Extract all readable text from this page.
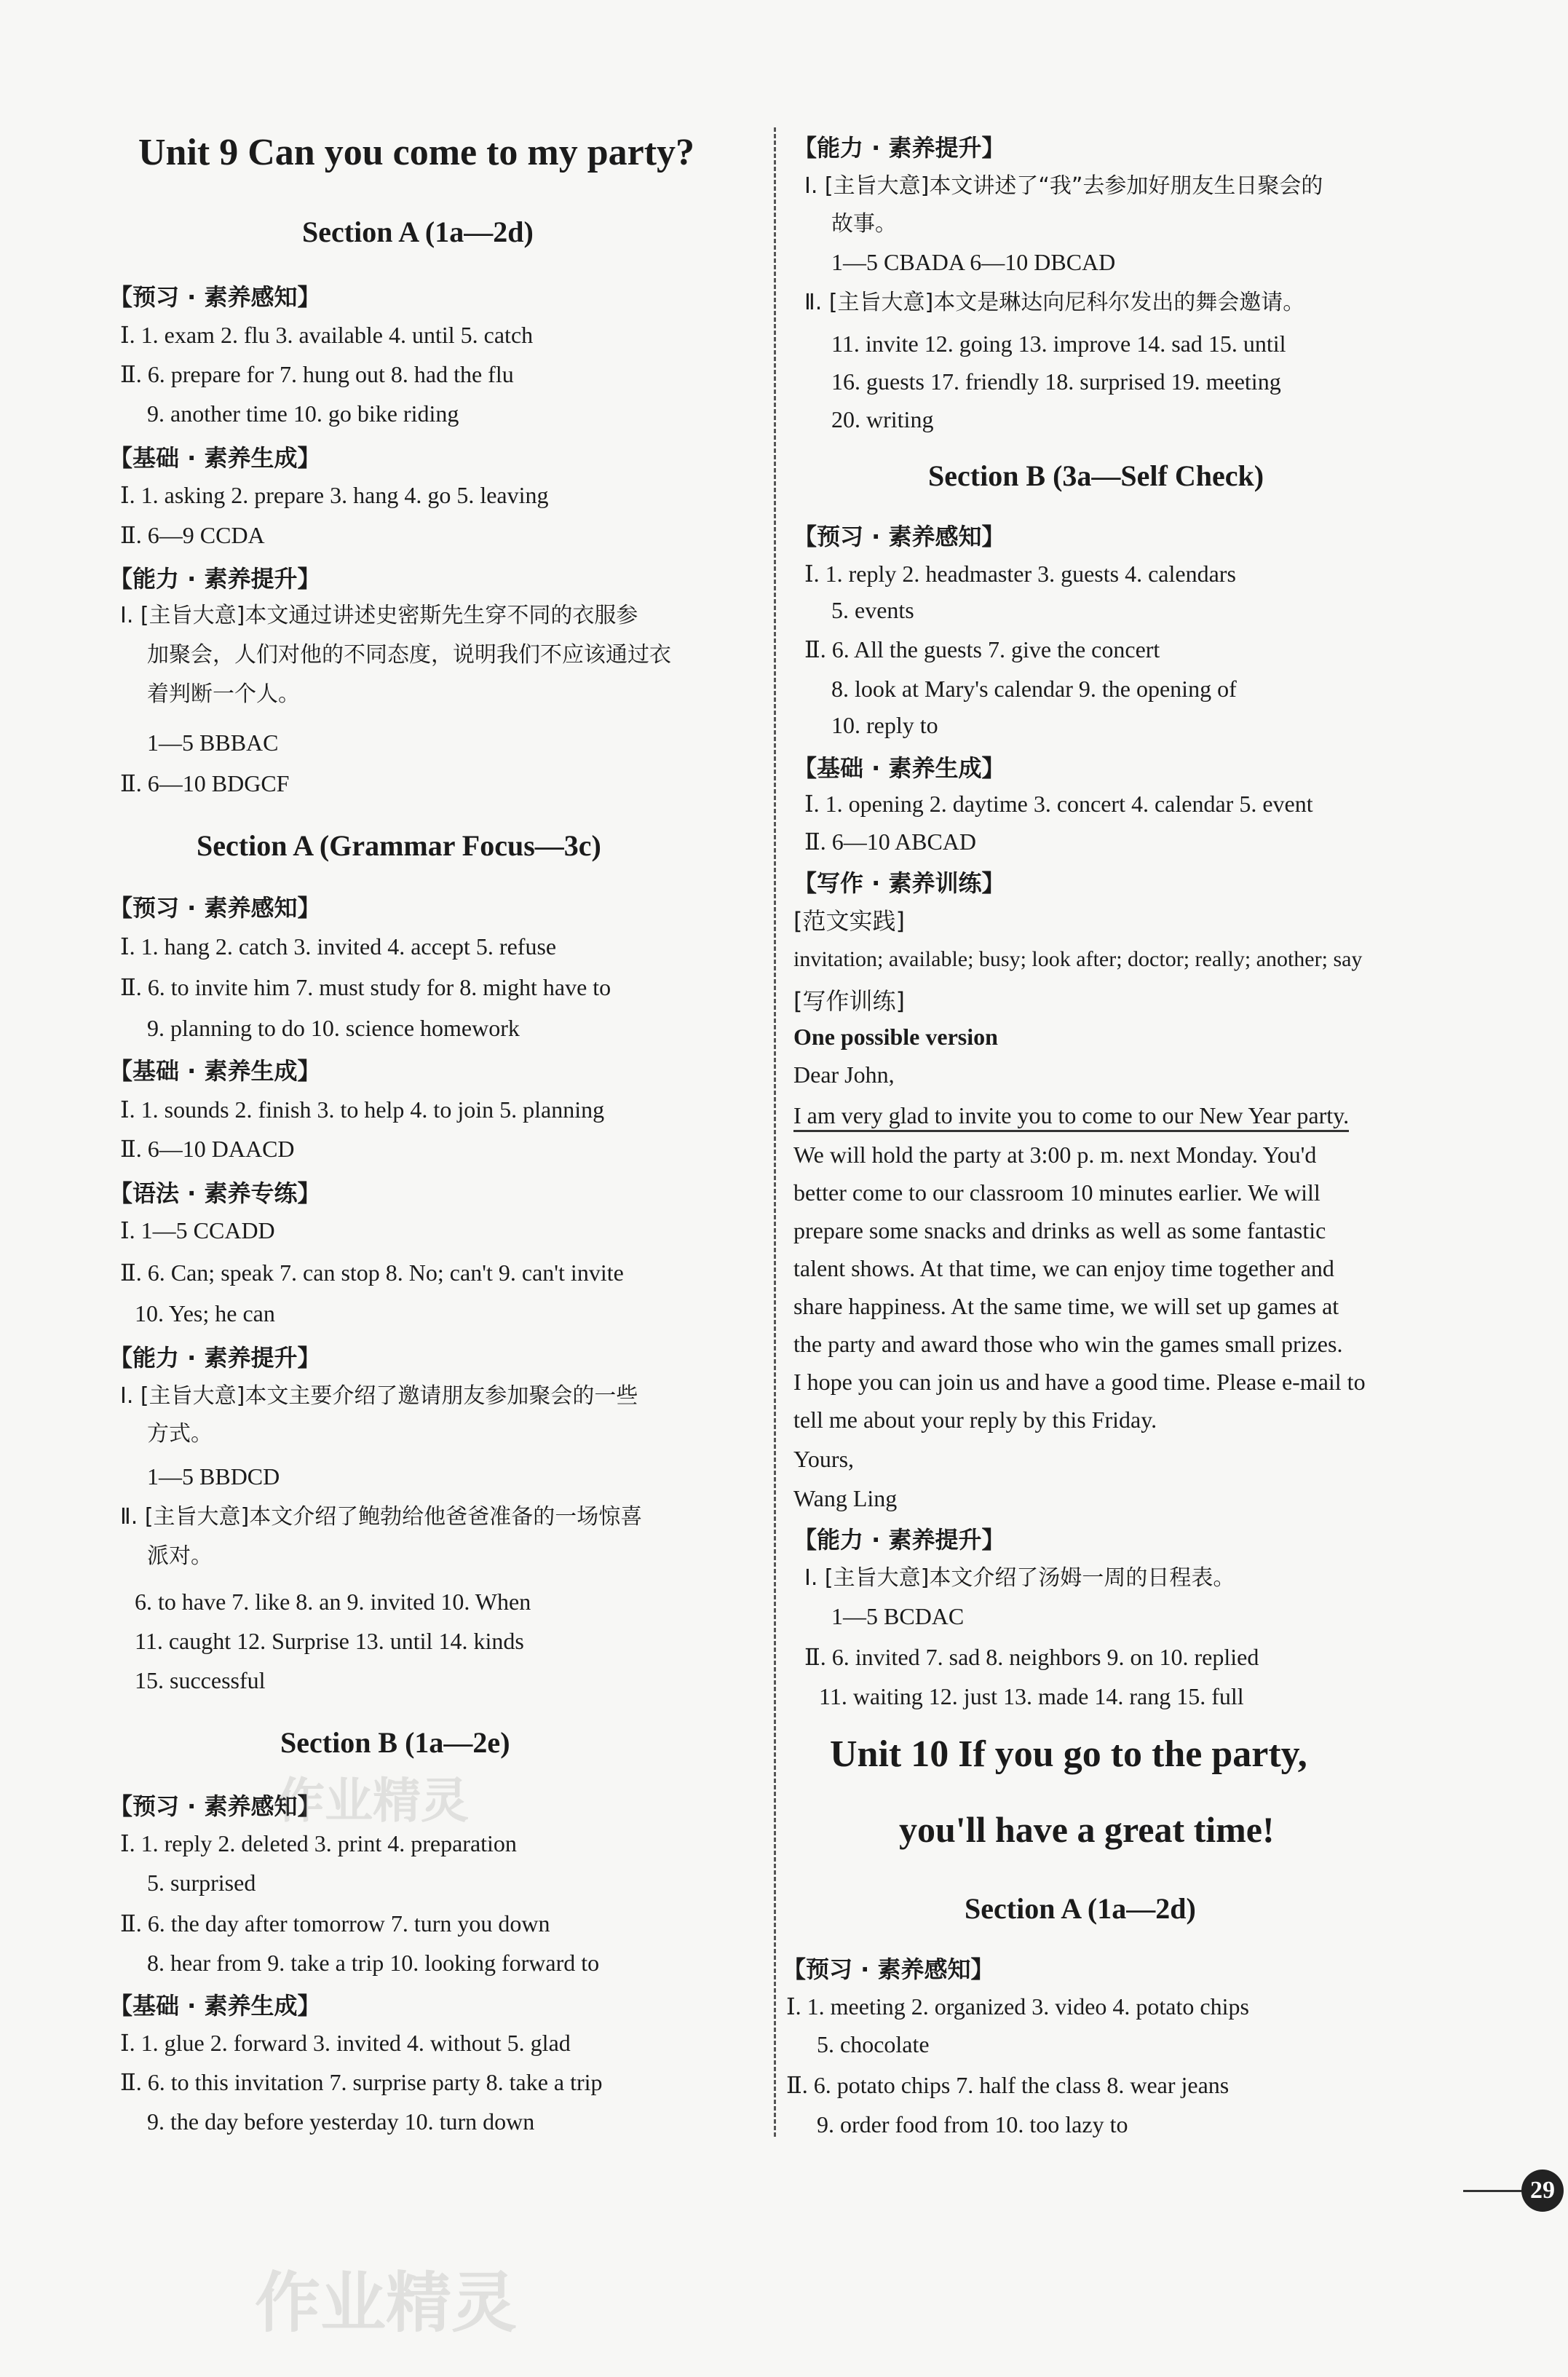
Unit 9 Can you come to my party?
Section A (1a—2d)
【预习 · 素养感知】
Ⅰ. 1. exam 2. flu 3. available 4. until 5. catch
Ⅱ. 6. prepare for 7. hung out 8. had the flu
9. another time 10. go bike riding
【基础 · 素养生成】
Ⅰ. 1. asking 2. prepare 3. hang 4. go 5. leaving
Ⅱ. 6—9 CCDA
【能力 · 素养提升】
Ⅰ. [主旨大意]本文通过讲述史密斯先生穿不同的衣服参
加聚会，人们对他的不同态度，说明我们不应该通过衣
着判断一个人。
1—5 BBBAC
Ⅱ. 6—10 BDGCF
Section A (Grammar Focus—3c)
【预习 · 素养感知】
Ⅰ. 1. hang 2. catch 3. invited 4. accept 5. refuse
Ⅱ. 6. to invite him 7. must study for 8. might have to
9. planning to do 10. science homework
【基础 · 素养生成】
Ⅰ. 1. sounds 2. finish 3. to help 4. to join 5. planning
Ⅱ. 6—10 DAACD
【语法 · 素养专练】
Ⅰ. 1—5 CCADD
Ⅱ. 6. Can; speak 7. can stop 8. No; can't 9. can't invite
10. Yes; he can
【能力 · 素养提升】
Ⅰ. [主旨大意]本文主要介绍了邀请朋友参加聚会的一些
方式。
1—5 BBDCD
Ⅱ. [主旨大意]本文介绍了鲍勃给他爸爸准备的一场惊喜
派对。
6. to have 7. like 8. an 9. invited 10. When
11. caught 12. Surprise 13. until 14. kinds
15. successful
Section B (1a—2e)
【预习 · 素养感知】
Ⅰ. 1. reply 2. deleted 3. print 4. preparation
5. surprised
Ⅱ. 6. the day after tomorrow 7. turn you down
8. hear from 9. take a trip 10. looking forward to
【基础 · 素养生成】
Ⅰ. 1. glue 2. forward 3. invited 4. without 5. glad
Ⅱ. 6. to this invitation 7. surprise party 8. take a trip
9. the day before yesterday 10. turn down
【能力 · 素养提升】
Ⅰ. [主旨大意]本文讲述了“我”去参加好朋友生日聚会的
故事。
1—5 CBADA 6—10 DBCAD
Ⅱ. [主旨大意]本文是琳达向尼科尔发出的舞会邀请。
11. invite 12. going 13. improve 14. sad 15. until
16. guests 17. friendly 18. surprised 19. meeting
20. writing
Section B (3a—Self Check)
【预习 · 素养感知】
Ⅰ. 1. reply 2. headmaster 3. guests 4. calendars
5. events
Ⅱ. 6. All the guests 7. give the concert
8. look at Mary's calendar 9. the opening of
10. reply to
【基础 · 素养生成】
Ⅰ. 1. opening 2. daytime 3. concert 4. calendar 5. event
Ⅱ. 6—10 ABCAD
【写作 · 素养训练】
[范文实践]
invitation; available; busy; look after; doctor; really; another; say
[写作训练]
One possible version
Dear John,
I am very glad to invite you to come to our New Year party.
We will hold the party at 3:00 p. m. next Monday. You'd
better come to our classroom 10 minutes earlier. We will
prepare some snacks and drinks as well as some fantastic
talent shows. At that time, we can enjoy time together and
share happiness. At the same time, we will set up games at
the party and award those who win the games small prizes.
I hope you can join us and have a good time. Please e-mail to
tell me about your reply by this Friday.
Yours,
Wang Ling
【能力 · 素养提升】
Ⅰ. [主旨大意]本文介绍了汤姆一周的日程表。
1—5 BCDAC
Ⅱ. 6. invited 7. sad 8. neighbors 9. on 10. replied
11. waiting 12. just 13. made 14. rang 15. full
Unit 10 If you go to the party,
you'll have a great time!
Section A (1a—2d)
【预习 · 素养感知】
Ⅰ. 1. meeting 2. organized 3. video 4. potato chips
5. chocolate
Ⅱ. 6. potato chips 7. half the class 8. wear jeans
9. order food from 10. too lazy to
29
作业精灵
作业精灵
